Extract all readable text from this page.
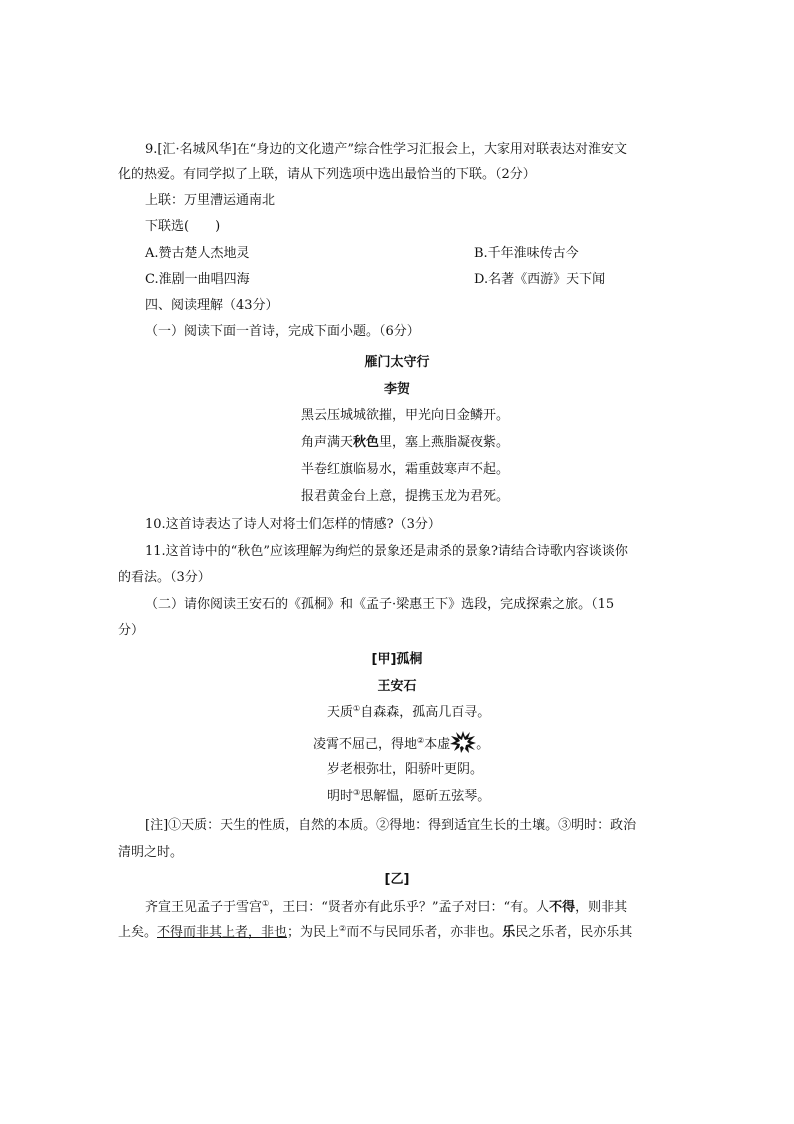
9.[汇·名城风华]在“身边的文化遗产”综合性学习汇报会上，大家用对联表达对淮安文
化的热爱。有同学拟了上联，请从下列选项中选出最恰当的下联。（2分）
上联：万里漕运通南北
下联选(　　)
A.赞古楚人杰地灵	B.千年淮味传古今
C.淮剧一曲唱四海	D.名著《西游》天下闻
四、阅读理解（43分）
（一）阅读下面一首诗，完成下面小题。（6分）
雁门太守行
李贺
黑云压城城欲摧，甲光向日金鳞开。
角声满天秋色里，塞上燕脂凝夜紫。
半卷红旗临易水，霜重鼓寒声不起。
报君黄金台上意，提携玉龙为君死。
10.这首诗表达了诗人对将士们怎样的情感?（3分）
11.这首诗中的“秋色”应该理解为绚烂的景象还是肃杀的景象?请结合诗歌内容谈谈你
的看法。（3分）
（二）请你阅读王安石的《孤桐》和《孟子·梁惠王下》选段，完成探索之旅。（15
分）
[甲]孤桐
王安石
天质①自森森，孤高几百寻。
凌霄不屈己，得地②本虚 。
岁老根弥壮，阳骄叶更阴。
明时③思解愠，愿斫五弦琴。
[注]①天质：天生的性质，自然的本质。②得地：得到适宜生长的土壤。③明时：政治
清明之时。
[乙]
齐宣王见孟子于雪宫①，王曰：“贤者亦有此乐乎？”孟子对曰：“有。人不得，则非其
上矣。不得而非其上者，非也；为民上②而不与民同乐者，亦非也。乐民之乐者，民亦乐其
